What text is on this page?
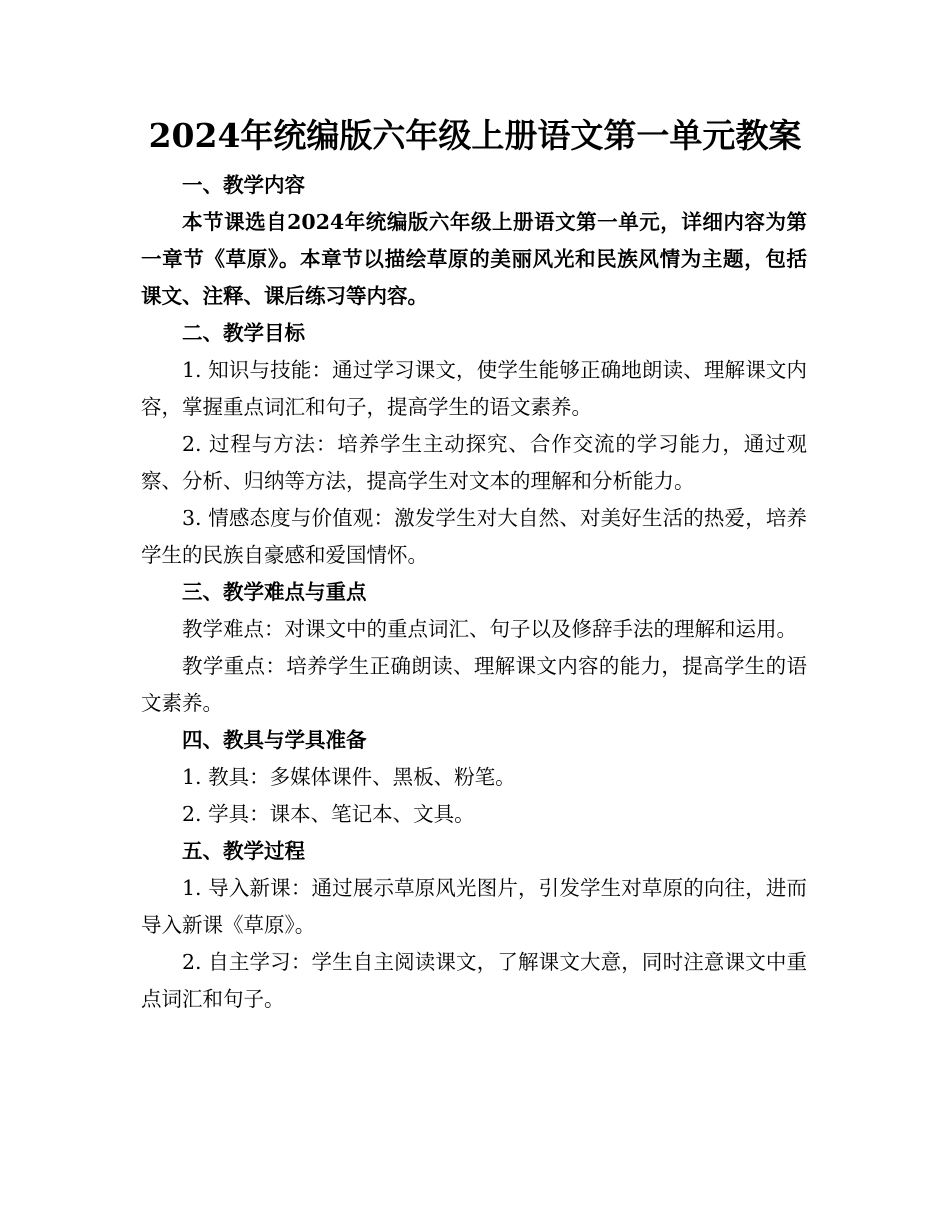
2024年统编版六年级上册语文第一单元教案

一、教学内容

本节课选自2024年统编版六年级上册语文第一单元，详细内容为第一章节《草原》。本章节以描绘草原的美丽风光和民族风情为主题，包括课文、注释、课后练习等内容。

二、教学目标

1. 知识与技能：通过学习课文，使学生能够正确地朗读、理解课文内容，掌握重点词汇和句子，提高学生的语文素养。

2. 过程与方法：培养学生主动探究、合作交流的学习能力，通过观察、分析、归纳等方法，提高学生对文本的理解和分析能力。

3. 情感态度与价值观：激发学生对大自然、对美好生活的热爱，培养学生的民族自豪感和爱国情怀。

三、教学难点与重点

教学难点：对课文中的重点词汇、句子以及修辞手法的理解和运用。

教学重点：培养学生正确朗读、理解课文内容的能力，提高学生的语文素养。

四、教具与学具准备

1. 教具：多媒体课件、黑板、粉笔。

2. 学具：课本、笔记本、文具。

五、教学过程

1. 导入新课：通过展示草原风光图片，引发学生对草原的向往，进而导入新课《草原》。

2. 自主学习：学生自主阅读课文，了解课文大意，同时注意课文中重点词汇和句子。
